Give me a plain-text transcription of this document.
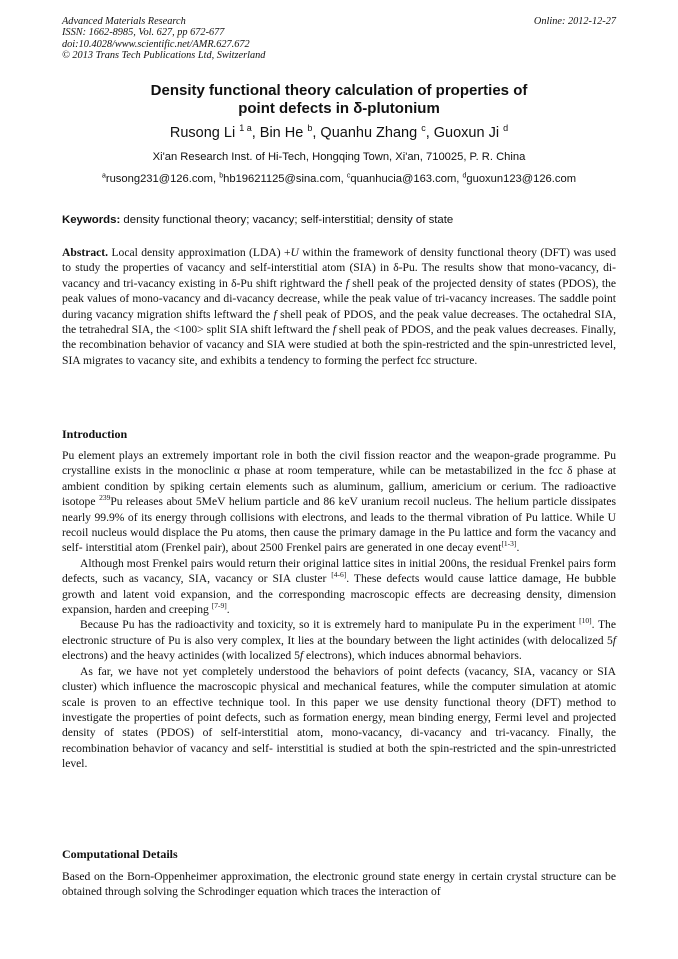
Advanced Materials Research
ISSN: 1662-8985, Vol. 627, pp 672-677
doi:10.4028/www.scientific.net/AMR.627.672
© 2013 Trans Tech Publications Ltd, Switzerland
Online: 2012-12-27
Density functional theory calculation of properties of
point defects in δ-plutonium
Rusong Li $^{1 a}$, Bin He $^b$, Quanhu Zhang $^c$, Guoxun Ji $^d$
Xi'an Research Inst. of Hi-Tech, Hongqing Town, Xi'an, 710025, P. R. China
$^a$rusong231@126.com, $^b$hb19621125@sina.com, $^c$quanhucia@163.com, $^d$guoxun123@126.com
Keywords: density functional theory; vacancy; self-interstitial; density of state

Abstract. Local density approximation (LDA) +U within the framework of density functional theory (DFT) was used to study the properties of vacancy and self-interstitial atom (SIA) in δ-Pu. The results show that mono-vacancy, di-vacancy and tri-vacancy existing in δ-Pu shift rightward the f shell peak of the projected density of states (PDOS), the peak values of mono-vacancy and di-vacancy decrease, while the peak value of tri-vacancy increases. The saddle point during vacancy migration shifts leftward the f shell peak of PDOS, and the peak value decreases. The octahedral SIA, the tetrahedral SIA, the <100> split SIA shift leftward the f shell peak of PDOS, and the peak values decreases. Finally, the recombination behavior of vacancy and SIA were studied at both the spin-restricted and the spin-unrestricted level, SIA migrates to vacancy site, and exhibits a tendency to forming the perfect fcc structure.

Introduction

Pu element plays an extremely important role in both the civil fission reactor and the weapon-grade programme. Pu crystalline exists in the monoclinic α phase at room temperature, while can be metastabilized in the fcc δ phase at ambient condition by spiking certain elements such as aluminum, gallium, americium or cerium. The radioactive isotope $^{239}$Pu releases about 5MeV helium particle and 86 keV uranium recoil nucleus. The helium particle dissipates nearly 99.9% of its energy through collisions with electrons, and leads to the thermal vibration of Pu lattice. While U recoil nucleus would displace the Pu atoms, then cause the primary damage in the Pu lattice and form the vacancy and self- interstitial atom (Frenkel pair), about 2500 Frenkel pairs are generated in one decay event[1-3].

Although most Frenkel pairs would return their original lattice sites in initial 200ns, the residual Frenkel pairs form defects, such as vacancy, SIA, vacancy or SIA cluster [4-6]. These defects would cause lattice damage, He bubble growth and latent void expansion, and the corresponding macroscopic effects are decreasing density, dimension expansion, harden and creeping [7-9].

Because Pu has the radioactivity and toxicity, so it is extremely hard to manipulate Pu in the experiment [10]. The electronic structure of Pu is also very complex, It lies at the boundary between the light actinides (with delocalized 5f electrons) and the heavy actinides (with localized 5f electrons), which induces abnormal behaviors.

As far, we have not yet completely understood the behaviors of point defects (vacancy, SIA, vacancy or SIA cluster) which influence the macroscopic physical and mechanical features, while the computer simulation at atomic scale is proven to an effective technique tool. In this paper we use density functional theory (DFT) method to investigate the properties of point defects, such as formation energy, mean binding energy, Fermi level and projected density of states (PDOS) of self-interstitial atom, mono-vacancy, di-vacancy and tri-vacancy. Finally, the recombination behavior of vacancy and self- interstitial is studied at both the spin-restricted and the spin-unrestricted level.

Computational Details

Based on the Born-Oppenheimer approximation, the electronic ground state energy in certain crystal structure can be obtained through solving the Schrodinger equation which traces the interaction of
